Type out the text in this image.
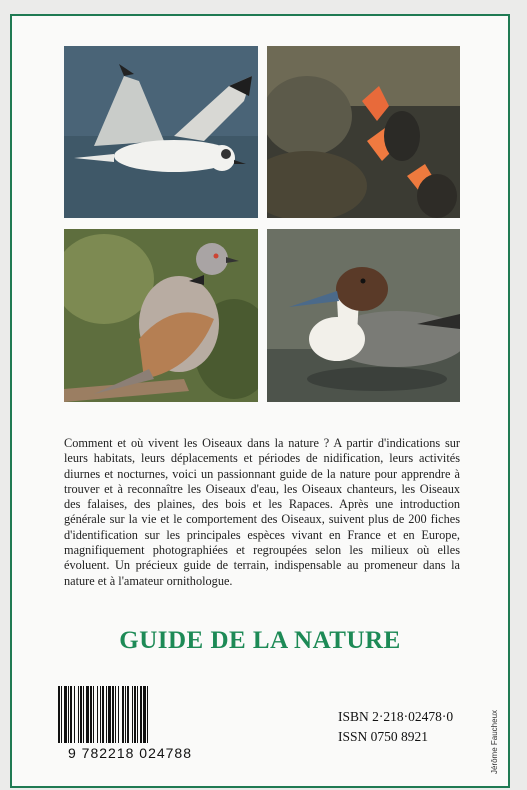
Comment et où vivent les Oiseaux dans la nature ? A partir d'indications sur leurs habitats, leurs déplacements et périodes de nidification, leurs activités diurnes et nocturnes, voici un passionnant guide de la nature pour apprendre à trouver et à reconnaître les Oiseaux d'eau, les Oiseaux chanteurs, les Oiseaux des falaises, des plaines, des bois et les Rapaces. Après une introduction générale sur la vie et le comportement des Oiseaux, suivent plus de 200 fiches d'identification sur les principales espèces vivant en France et en Europe, magnifiquement photographiées et regroupées selon les milieux où elles évoluent. Un précieux guide de terrain, indispensable au promeneur dans la nature et à l'amateur ornithologue.

GUIDE DE LA NATURE
9 782218 024788

ISBN 2·218·02478·0

ISSN 0750 8921	Jérôme Faucheux
